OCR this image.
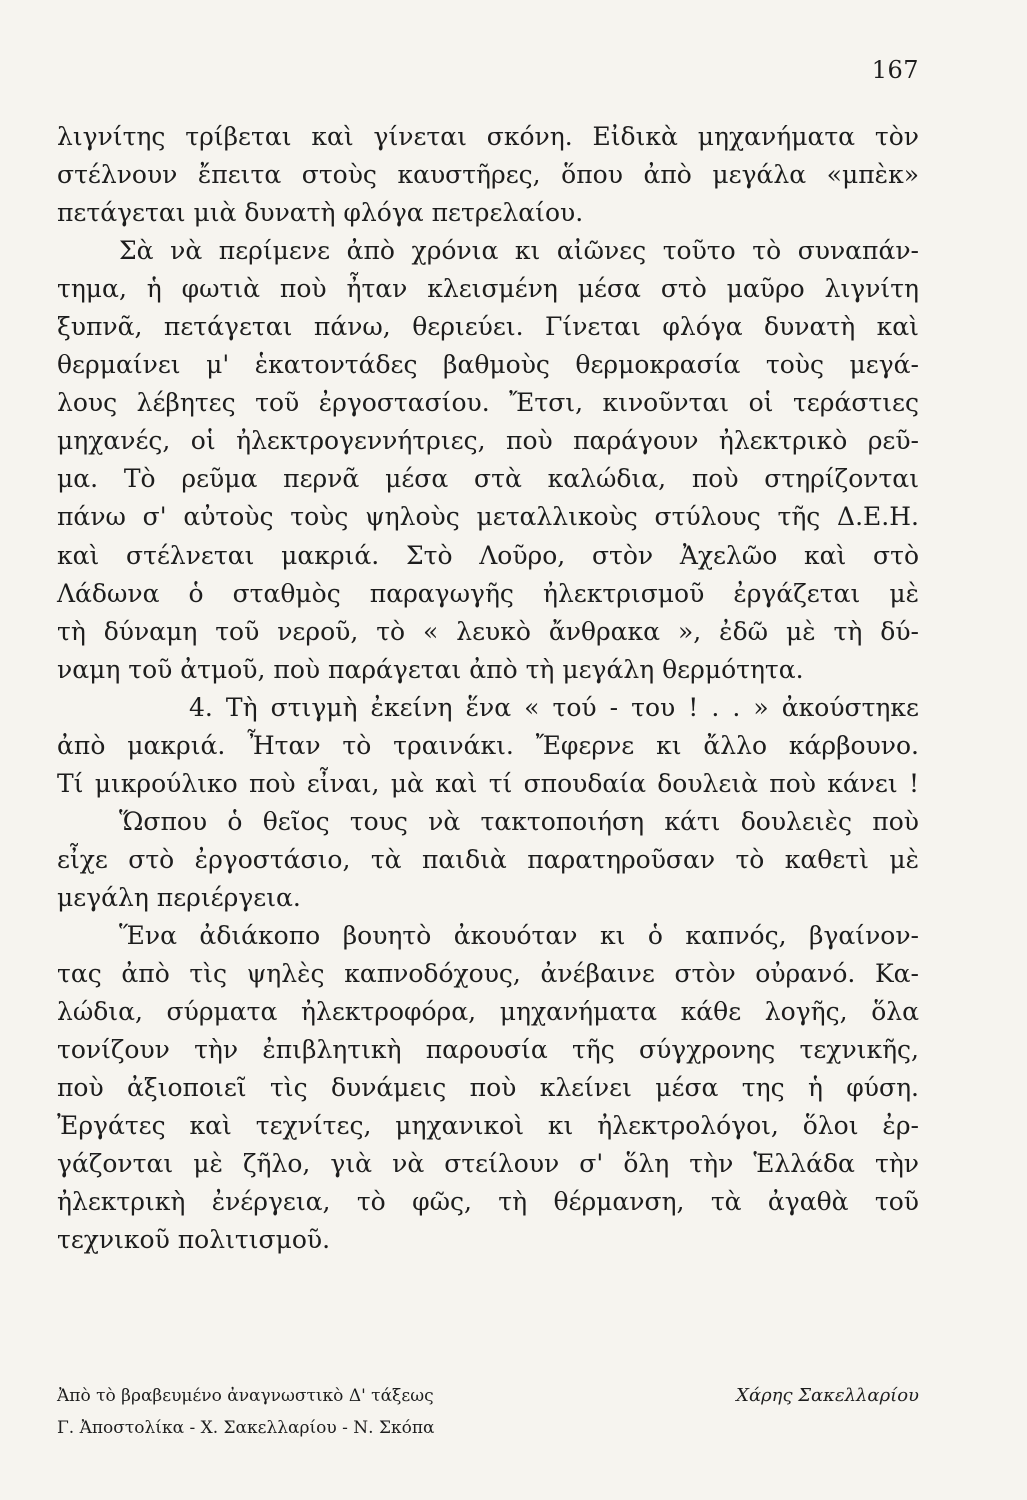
167
λιγνίτης τρίβεται καὶ γίνεται σκόνη. Εἰδικὰ μηχανήματα τὸν
στέλνουν ἔπειτα στοὺς καυστῆρες, ὅπου ἀπὸ μεγάλα «μπὲκ»
πετάγεται μιὰ δυνατὴ φλόγα πετρελαίου.
Σὰ νὰ περίμενε ἀπὸ χρόνια κι αἰῶνες τοῦτο τὸ συναπάν-
τημα, ἡ φωτιὰ ποὺ ἦταν κλεισμένη μέσα στὸ μαῦρο λιγνίτη
ξυπνᾶ, πετάγεται πάνω, θεριεύει. Γίνεται φλόγα δυνατὴ καὶ
θερμαίνει μ' ἑκατοντάδες βαθμοὺς θερμοκρασία τοὺς μεγά-
λους λέβητες τοῦ ἐργοστασίου. Ἔτσι, κινοῦνται οἱ τεράστιες
μηχανές, οἱ ἠλεκτρογεννήτριες, ποὺ παράγουν ἠλεκτρικὸ ρεῦ-
μα. Τὸ ρεῦμα περνᾶ μέσα στὰ καλώδια, ποὺ στηρίζονται
πάνω σ' αὐτοὺς τοὺς ψηλοὺς μεταλλικοὺς στύλους τῆς Δ.Ε.Η.
καὶ στέλνεται μακριά. Στὸ Λοῦρο, στὸν Ἀχελῶο καὶ στὸ
Λάδωνα ὁ σταθμὸς παραγωγῆς ἠλεκτρισμοῦ ἐργάζεται μὲ
τὴ δύναμη τοῦ νεροῦ, τὸ « λευκὸ ἄνθρακα », ἐδῶ μὲ τὴ δύ-
ναμη τοῦ ἀτμοῦ, ποὺ παράγεται ἀπὸ τὴ μεγάλη θερμότητα.
4. Τὴ στιγμὴ ἐκείνη ἕνα « τού - του ! . . » ἀκούστηκε
ἀπὸ μακριά. Ἦταν τὸ τραινάκι. Ἔφερνε κι ἄλλο κάρβουνο.
Τί μικρούλικο ποὺ εἶναι, μὰ καὶ τί σπουδαία δουλειὰ ποὺ κάνει !
Ὥσπου ὁ θεῖος τους νὰ τακτοποιήση κάτι δουλειὲς ποὺ
εἶχε στὸ ἐργοστάσιο, τὰ παιδιὰ παρατηροῦσαν τὸ καθετὶ μὲ
μεγάλη περιέργεια.
Ἕνα ἀδιάκοπο βουητὸ ἀκουόταν κι ὁ καπνός, βγαίνον-
τας ἀπὸ τὶς ψηλὲς καπνοδόχους, ἀνέβαινε στὸν οὐρανό. Κα-
λώδια, σύρματα ἠλεκτροφόρα, μηχανήματα κάθε λογῆς, ὅλα
τονίζουν τὴν ἐπιβλητικὴ παρουσία τῆς σύγχρονης τεχνικῆς,
ποὺ ἀξιοποιεῖ τὶς δυνάμεις ποὺ κλείνει μέσα της ἡ φύση.
Ἐργάτες καὶ τεχνίτες, μηχανικοὶ κι ἠλεκτρολόγοι, ὅλοι ἐρ-
γάζονται μὲ ζῆλο, γιὰ νὰ στείλουν σ' ὅλη τὴν Ἑλλάδα τὴν
ἠλεκτρικὴ ἐνέργεια, τὸ φῶς, τὴ θέρμανση, τὰ ἀγαθὰ τοῦ
τεχνικοῦ πολιτισμοῦ.
Ἀπὸ τὸ βραβευμένο ἀναγνωστικὸ Δ' τάξεως
Γ. Ἀποστολίκα - Χ. Σακελλαρίου - Ν. Σκόπα
Χάρης Σακελλαρίου
